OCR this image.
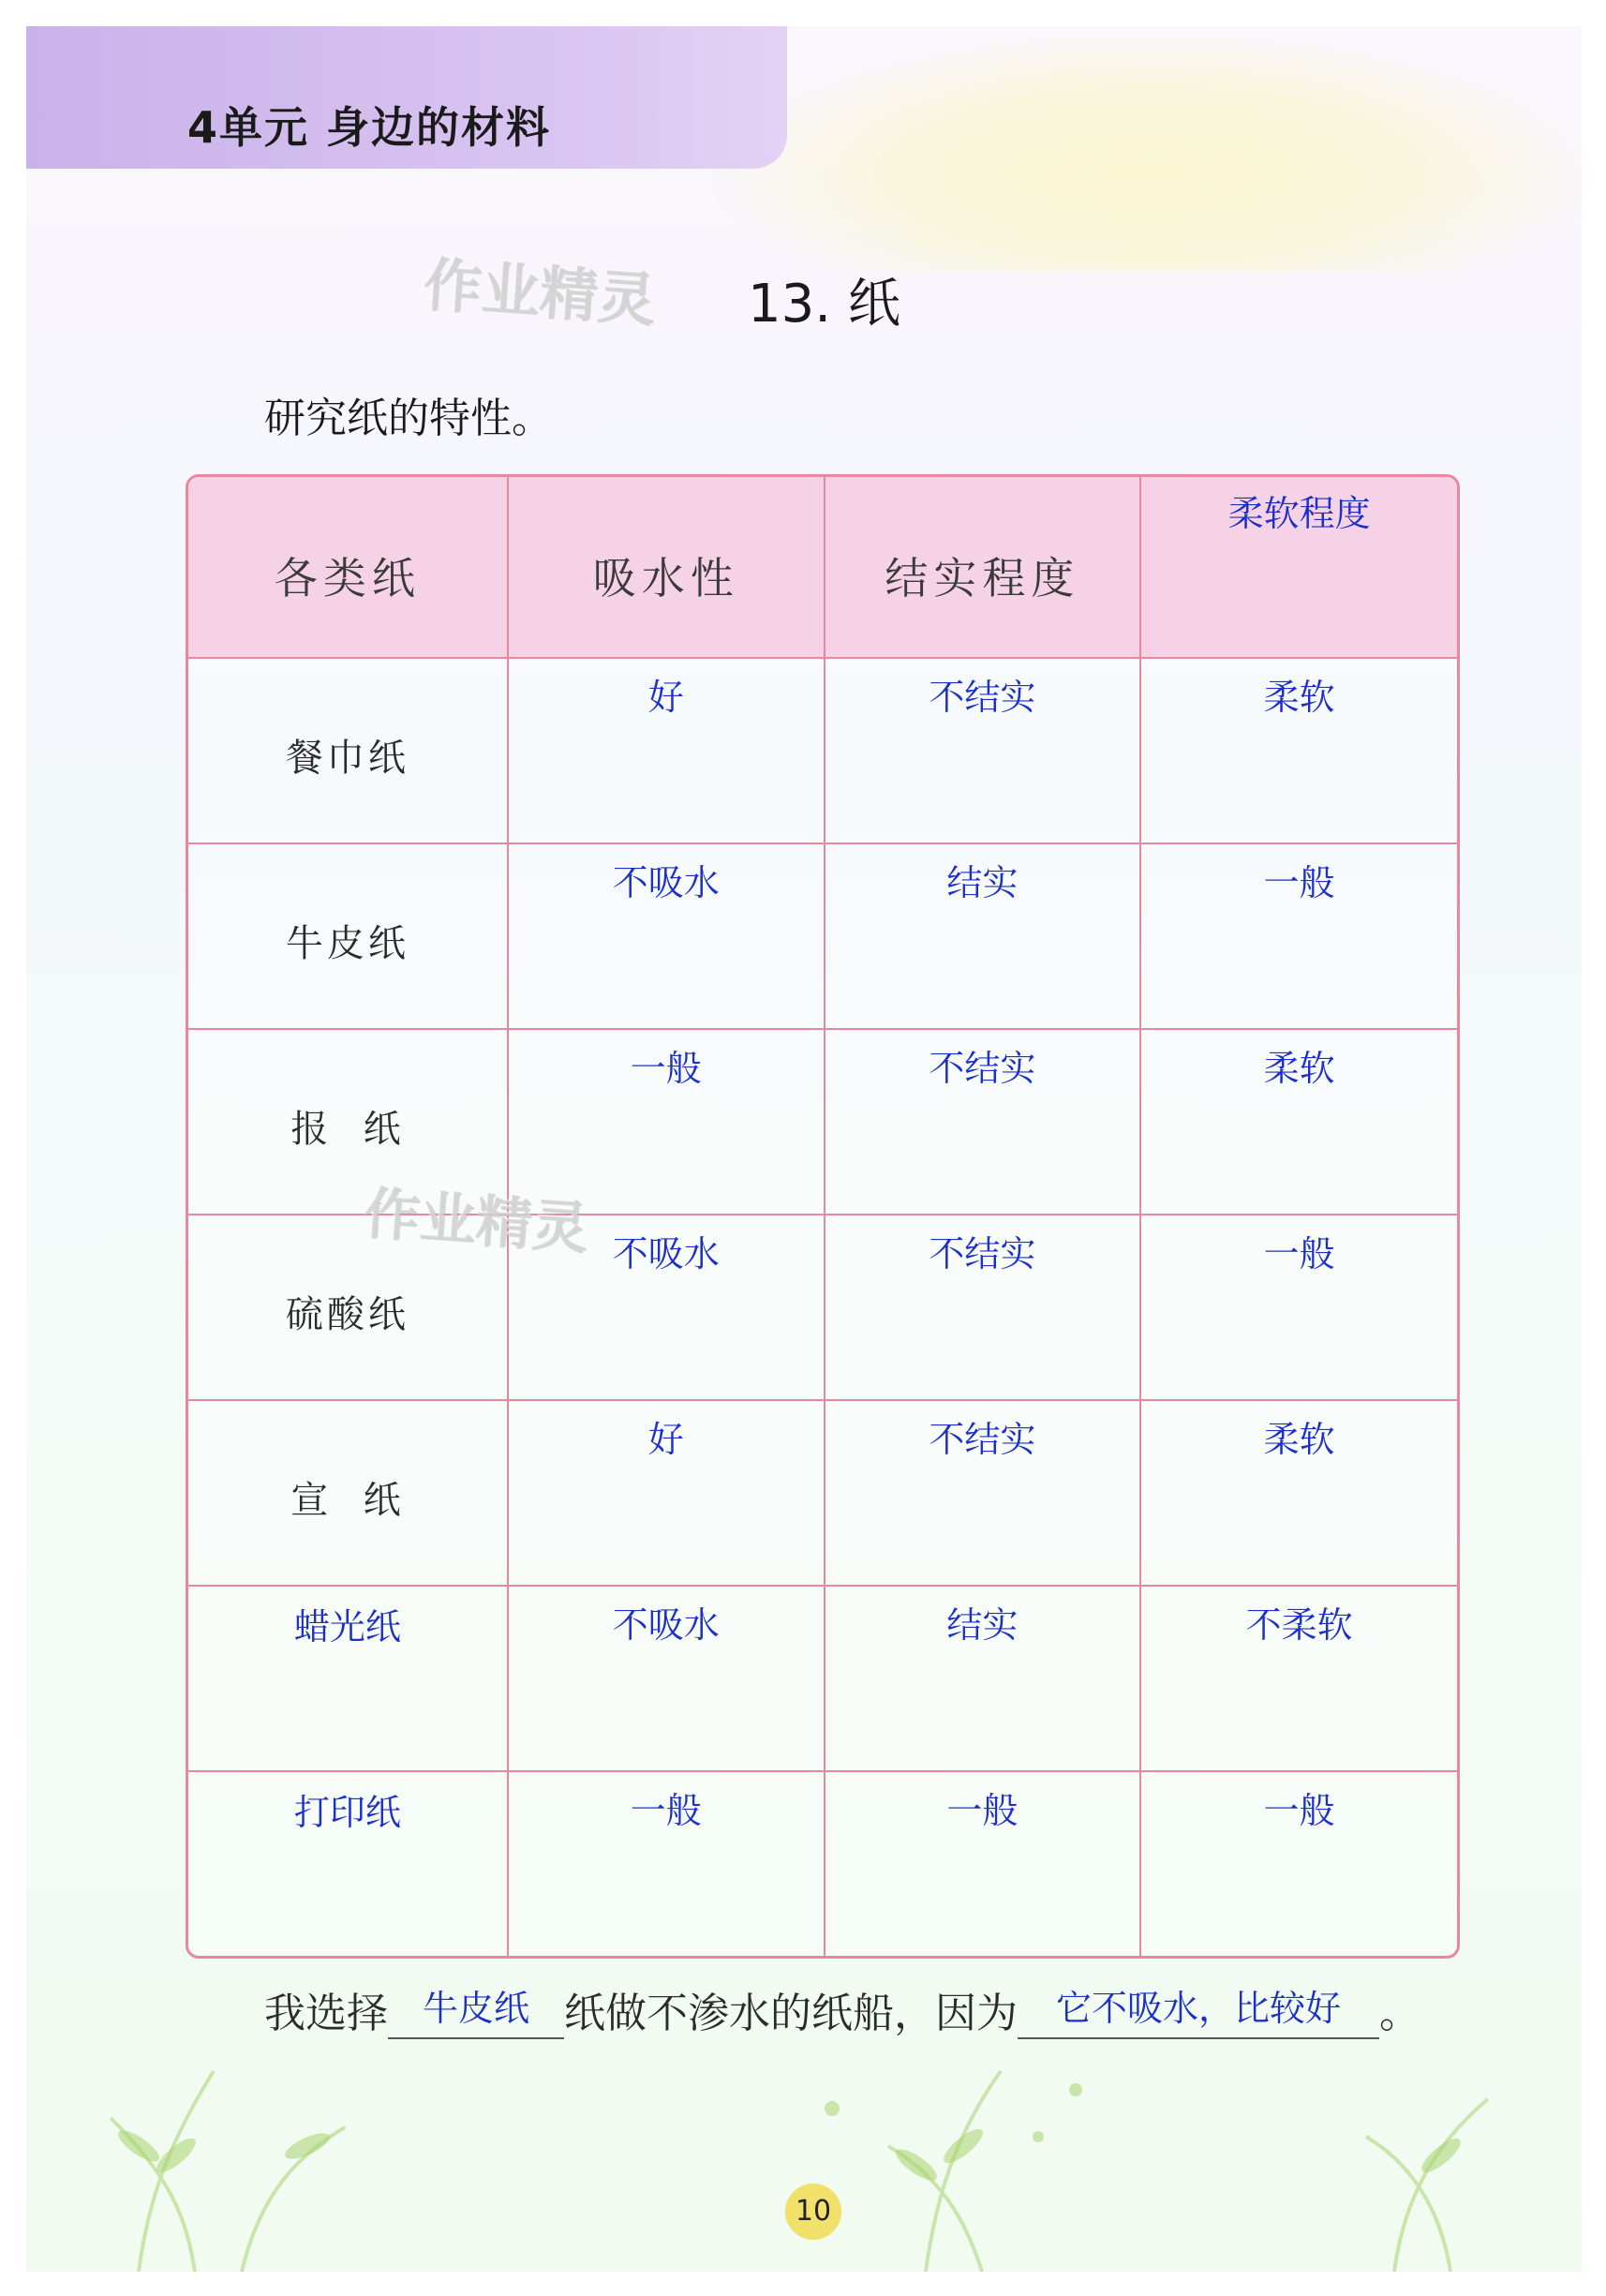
4单元 身边的材料
作业精灵 13. 纸
研究纸的特性。
各类纸	吸水性	结实程度	柔软程度

餐巾纸	好	不结实	柔软

牛皮纸	不吸水	结实	一般

报  纸	一般	不结实	柔软

硫酸纸	不吸水	不结实	一般

宣  纸	好	不结实	柔软

蜡光纸	不吸水	结实	不柔软

打印纸	一般	一般	一般
作业精灵
我选择 牛皮纸 纸做不渗水的纸船，因为 它不吸水，比较好 。
10
